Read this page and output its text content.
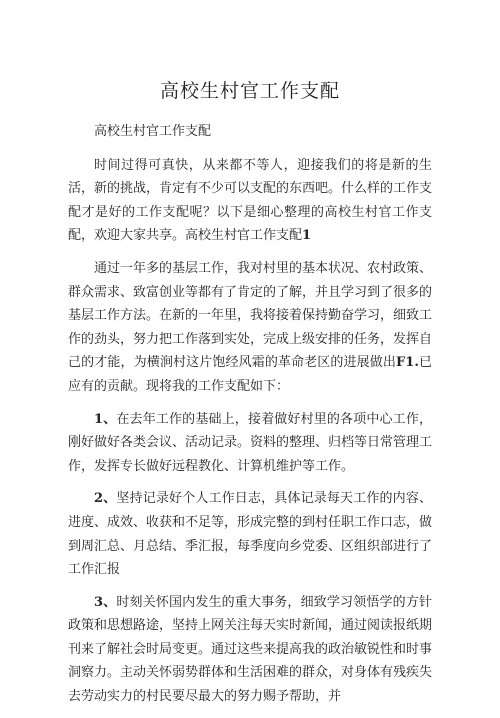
高校生村官工作支配

高校生村官工作支配

时间过得可真快，从来都不等人，迎接我们的将是新的生活，新的挑战，肯定有不少可以支配的东西吧。什么样的工作支配才是好的工作支配呢？以下是细心整理的高校生村官工作支配，欢迎大家共享。高校生村官工作支配1

通过一年多的基层工作，我对村里的基本状况、农村政策、群众需求、致富创业等都有了肯定的了解，并且学习到了很多的基层工作方法。在新的一年里，我将接着保持勤奋学习，细致工作的劲头，努力把工作落到实处，完成上级安排的任务，发挥自己的才能，为横涧村这片饱经风霜的革命老区的进展做出F1.已应有的贡献。现将我的工作支配如下：

1、在去年工作的基础上，接着做好村里的各项中心工作，刚好做好各类会议、活动记录。资料的整理、归档等日常管理工作，发挥专长做好远程教化、计算机维护等工作。

2、坚持记录好个人工作日志，具体记录每天工作的内容、进度、成效、收获和不足等，形成完整的到村任职工作口志，做到周汇总、月总结、季汇报，每季度向乡党委、区组织部进行了工作汇报

3、时刻关怀国内发生的重大事务，细致学习领悟学的方针政策和思想路途，坚持上网关注每天实时新闻，通过阅读报纸期刊来了解社会时局变更。通过这些来提高我的政治敏锐性和时事洞察力。主动关怀弱势群体和生活困难的群众，对身体有残疾失去劳动实力的村民要尽最大的努力赐予帮助，并
